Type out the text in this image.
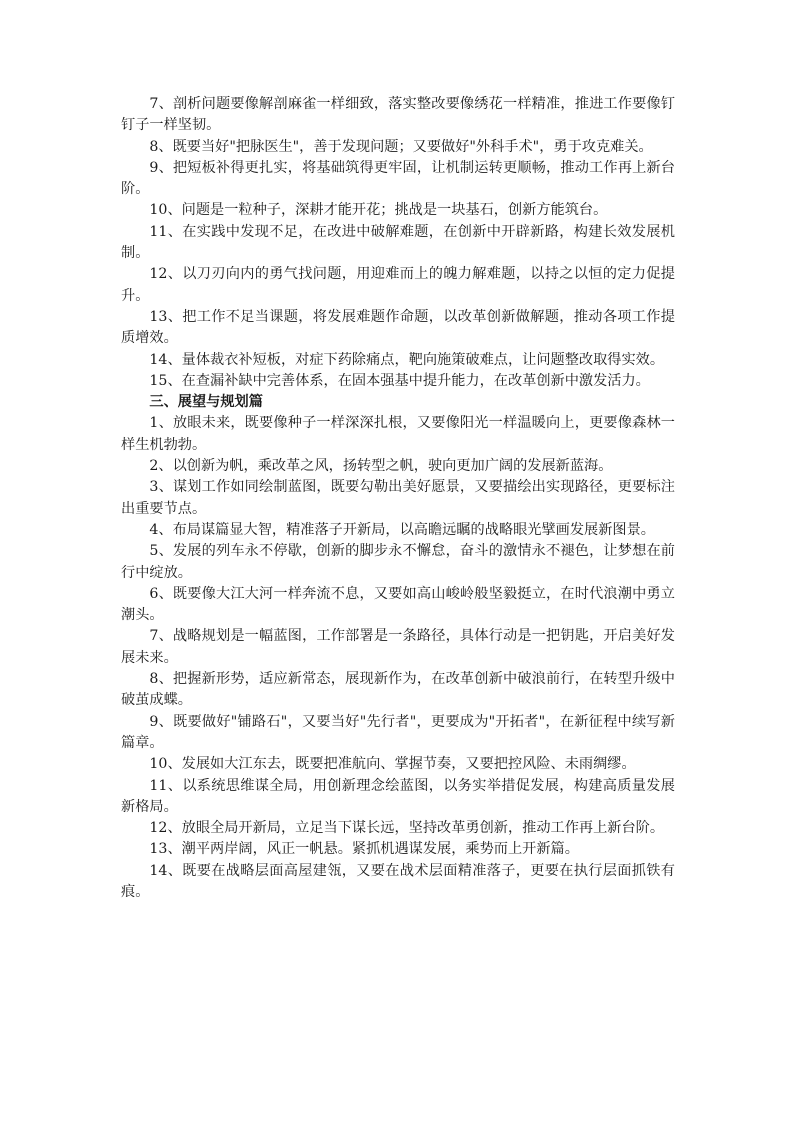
7、剖析问题要像解剖麻雀一样细致，落实整改要像绣花一样精准，推进工作要像钉钉子一样坚韧。

8、既要当好"把脉医生"，善于发现问题；又要做好"外科手术"，勇于攻克难关。

9、把短板补得更扎实，将基础筑得更牢固，让机制运转更顺畅，推动工作再上新台阶。

10、问题是一粒种子，深耕才能开花；挑战是一块基石，创新方能筑台。

11、在实践中发现不足，在改进中破解难题，在创新中开辟新路，构建长效发展机制。

12、以刀刃向内的勇气找问题，用迎难而上的魄力解难题，以持之以恒的定力促提升。

13、把工作不足当课题，将发展难题作命题，以改革创新做解题，推动各项工作提质增效。

14、量体裁衣补短板，对症下药除痛点，靶向施策破难点，让问题整改取得实效。

15、在查漏补缺中完善体系，在固本强基中提升能力，在改革创新中激发活力。

三、展望与规划篇

1、放眼未来，既要像种子一样深深扎根，又要像阳光一样温暖向上，更要像森林一样生机勃勃。

2、以创新为帆，乘改革之风，扬转型之帆，驶向更加广阔的发展新蓝海。

3、谋划工作如同绘制蓝图，既要勾勒出美好愿景，又要描绘出实现路径，更要标注出重要节点。

4、布局谋篇显大智，精准落子开新局，以高瞻远瞩的战略眼光擘画发展新图景。

5、发展的列车永不停歇，创新的脚步永不懈怠，奋斗的激情永不褪色，让梦想在前行中绽放。

6、既要像大江大河一样奔流不息，又要如高山峻岭般坚毅挺立，在时代浪潮中勇立潮头。

7、战略规划是一幅蓝图，工作部署是一条路径，具体行动是一把钥匙，开启美好发展未来。

8、把握新形势，适应新常态，展现新作为，在改革创新中破浪前行，在转型升级中破茧成蝶。

9、既要做好"铺路石"，又要当好"先行者"，更要成为"开拓者"，在新征程中续写新篇章。

10、发展如大江东去，既要把准航向、掌握节奏，又要把控风险、未雨绸缪。

11、以系统思维谋全局，用创新理念绘蓝图，以务实举措促发展，构建高质量发展新格局。

12、放眼全局开新局，立足当下谋长远，坚持改革勇创新，推动工作再上新台阶。

13、潮平两岸阔，风正一帆悬。紧抓机遇谋发展，乘势而上开新篇。

14、既要在战略层面高屋建瓴，又要在战术层面精准落子，更要在执行层面抓铁有痕。
